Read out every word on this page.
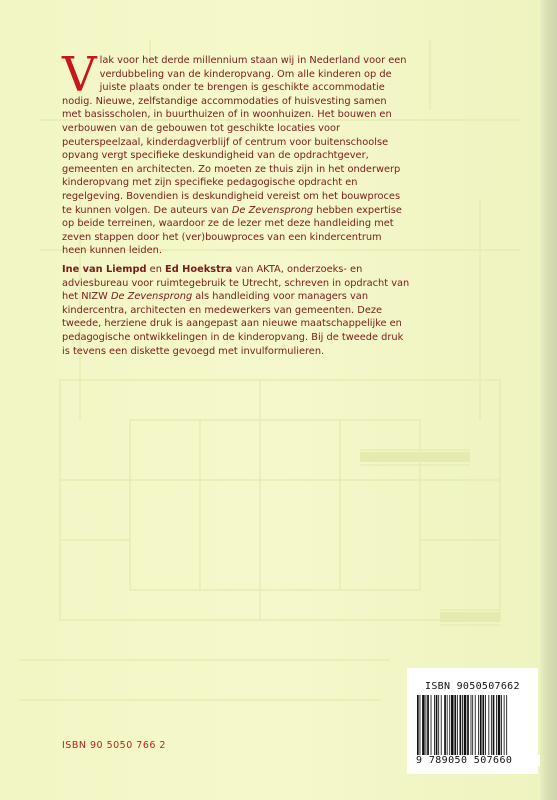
Vlak voor het derde millennium staan wij in Nederland voor een verdubbeling van de kinderopvang. Om alle kinderen op de juiste plaats onder te brengen is geschikte accommodatie nodig. Nieuwe, zelfstandige accommodaties of huisvesting samen met basisscholen, in buurthuizen of in woonhuizen. Het bouwen en verbouwen van de gebouwen tot geschikte locaties voor peuterspeelzaal, kinderdagverblijf of centrum voor buitenschoolse opvang vergt specifieke deskundigheid van de opdrachtgever, gemeenten en architecten. Zo moeten ze thuis zijn in het onderwerp kinderopvang met zijn specifieke pedagogische opdracht en regelgeving. Bovendien is deskundigheid vereist om het bouwproces te kunnen volgen. De auteurs van De Zevensprong hebben expertise op beide terreinen, waardoor ze de lezer met deze handleiding met zeven stappen door het (ver)bouwproces van een kindercentrum heen kunnen leiden.

Ine van Liempd en Ed Hoekstra van AKTA, onderzoeks- en adviesbureau voor ruimtegebruik te Utrecht, schreven in opdracht van het NIZW De Zevensprong als handleiding voor managers van kindercentra, architecten en medewerkers van gemeenten. Deze tweede, herziene druk is aangepast aan nieuwe maatschappelijke en pedagogische ontwikkelingen in de kinderopvang. Bij de tweede druk is tevens een diskette gevoegd met invulformulieren.

ISBN 90 5050 766 2
ISBN 9050507662
9 789050 507660
